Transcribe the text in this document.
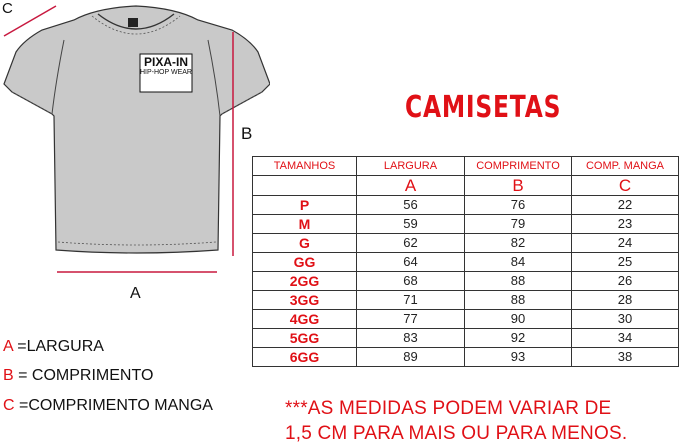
PIXA-IN
HIP-HOP WEAR
C
B
A
CAMISETAS
TAMANHOS	LARGURA	COMPRIMENTO	COMP. MANGA
	A	B	C
P	56	76	22
M	59	79	23
G	62	82	24
GG	64	84	25
2GG	68	88	26
3GG	71	88	28
4GG	77	90	30
5GG	83	92	34
6GG	89	93	38
A =LARGURA
B = COMPRIMENTO
C =COMPRIMENTO MANGA	***AS MEDIDAS PODEM VARIAR DE
1,5 CM PARA MAIS OU PARA MENOS.
